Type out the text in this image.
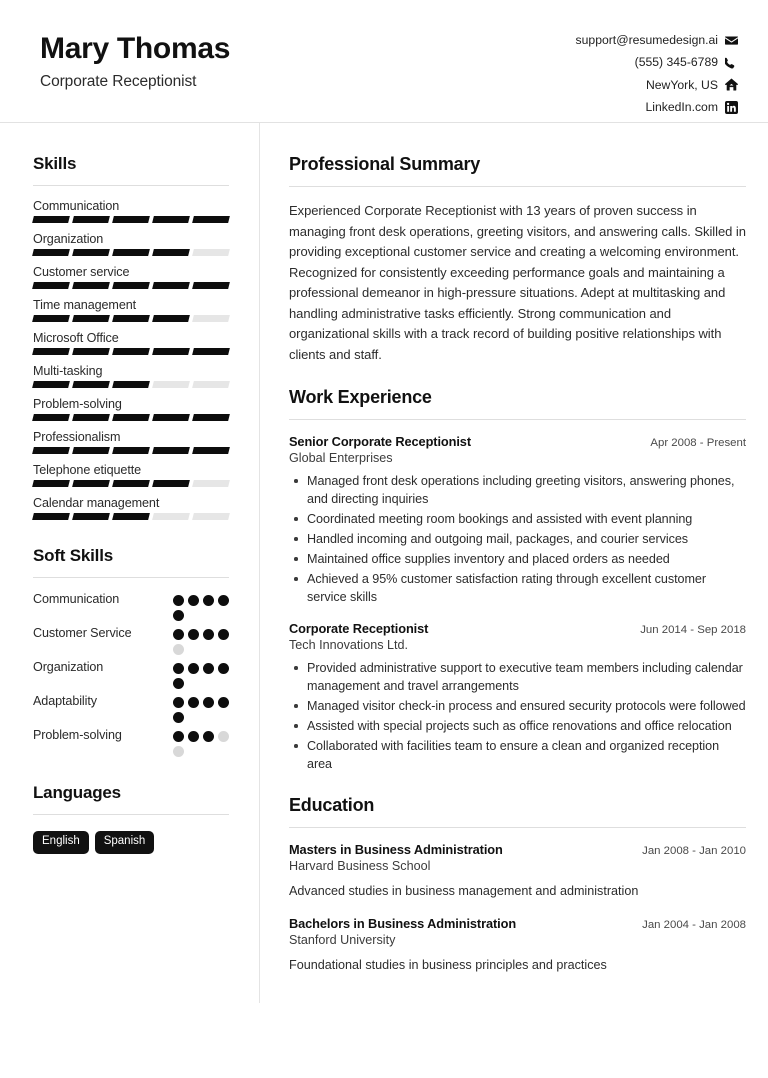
Mary Thomas
Corporate Receptionist
support@resumedesign.ai
(555) 345-6789
NewYork, US
LinkedIn.com
Skills
Communication
Organization
Customer service
Time management
Microsoft Office
Multi-tasking
Problem-solving
Professionalism
Telephone etiquette
Calendar management
Soft Skills
Communication
Customer Service
Organization
Adaptability
Problem-solving
Languages
English	Spanish
Professional Summary

Experienced Corporate Receptionist with 13 years of proven success in managing front desk operations, greeting visitors, and answering calls. Skilled in providing exceptional customer service and creating a welcoming environment. Recognized for consistently exceeding performance goals and maintaining a professional demeanor in high-pressure situations. Adept at multitasking and handling administrative tasks efficiently. Strong communication and organizational skills with a track record of building positive relationships with clients and staff.

Work Experience
Senior Corporate Receptionist	Apr 2008 - Present
Global Enterprises
Managed front desk operations including greeting visitors, answering phones, and directing inquiries
Coordinated meeting room bookings and assisted with event planning
Handled incoming and outgoing mail, packages, and courier services
Maintained office supplies inventory and placed orders as needed
Achieved a 95% customer satisfaction rating through excellent customer service skills
Corporate Receptionist	Jun 2014 - Sep 2018
Tech Innovations Ltd.
Provided administrative support to executive team members including calendar management and travel arrangements
Managed visitor check-in process and ensured security protocols were followed
Assisted with special projects such as office renovations and office relocation
Collaborated with facilities team to ensure a clean and organized reception area
Education
Masters in Business Administration	Jan 2008 - Jan 2010
Harvard Business School
Advanced studies in business management and administration
Bachelors in Business Administration	Jan 2004 - Jan 2008
Stanford University
Foundational studies in business principles and practices
